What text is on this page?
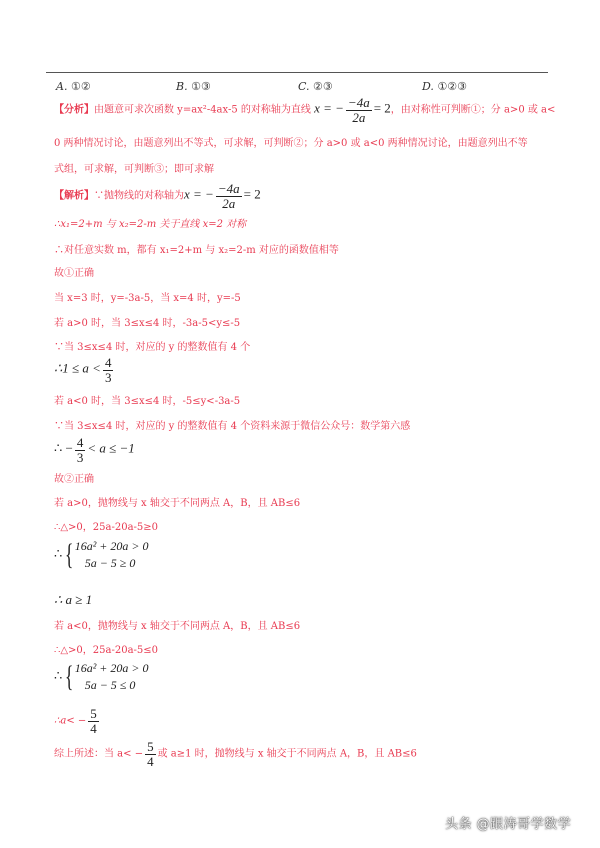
A. ①②	B. ①③	C. ②③	D. ①②③
【分析】由题意可求次函数 y=ax²-4ax-5 的对称轴为直线 x = − $\frac{-4a}{2a} = 2$，由对称性可判断①；分 a>0 或 a<
0 两种情况讨论，由题意列出不等式，可求解，可判断②；分 a>0 或 a<0 两种情况讨论，由题意列出不等
式组，可求解，可判断③；即可求解
【解析】∵抛物线的对称轴为x = − $\frac{-4a}{2a} = 2$
∴x₁=2+m 与 x₂=2-m 关于直线 x=2 对称
∴对任意实数 m，都有 x₁=2+m 与 x₂=2-m 对应的函数值相等
故①正确
当 x=3 时，y=-3a-5，当 x=4 时，y=-5
若 a>0 时，当 3≤x≤4 时，-3a-5<y≤-5
∵当 3≤x≤4 时，对应的 y 的整数值有 4 个
∴1 ≤ $a < \frac{4}{3}$
若 a<0 时，当 3≤x≤4 时，-5≤y<-3a-5
∵当 3≤x≤4 时，对应的 y 的整数值有 4 个资料来源于微信公众号：数学第六感
∴ − $\frac{4}{3} < a \le -1$
故②正确
若 a>0，抛物线与 x 轴交于不同两点 A，B，且 AB≤6
∴△>0，25a-20a-5≥0
∴{ 16a² + 20a > 0
5a − 5 ≥ 0
∴ a ≥ 1
若 a<0，抛物线与 x 轴交于不同两点 A，B，且 AB≤6
∴△>0，25a-20a-5≤0
∴{ 16a² + 20a > 0
5a − 5 ≤ 0
∴a< − $\frac{5}{4}$
综上所述：当 $a< - \frac{5}{4}$ 或 a≥1 时，抛物线与 x 轴交于不同两点 A，B，且 AB≤6
头条 @跟涛哥学数学
